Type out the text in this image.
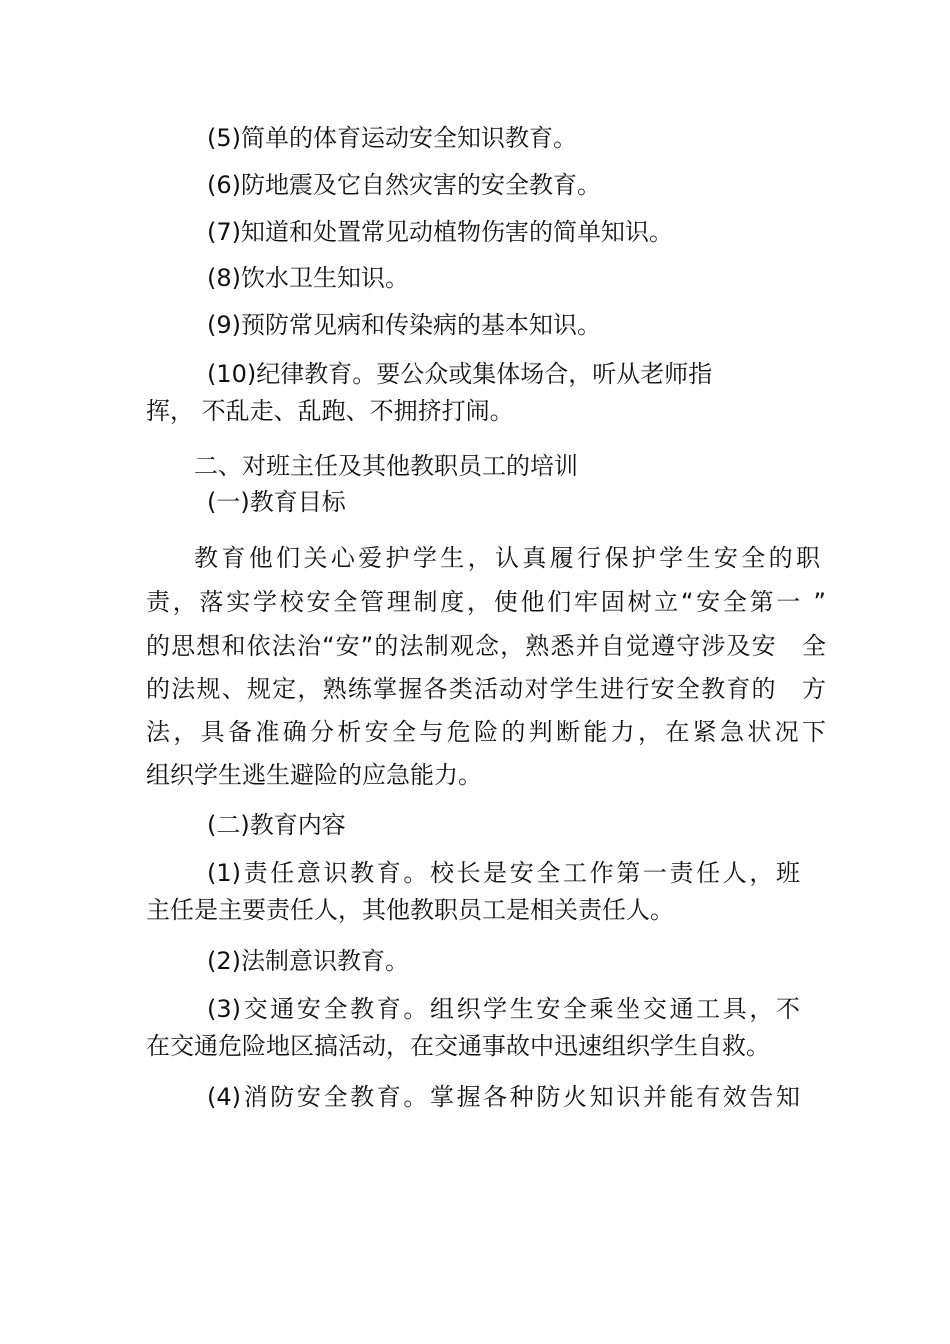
(5)简单的体育运动安全知识教育。

(6)防地震及它自然灾害的安全教育。

(7)知道和处置常见动植物伤害的简单知识。

(8)饮水卫生知识。

(9)预防常见病和传染病的基本知识。

(10)纪律教育。要公众或集体场合，听从老师指

挥， 不乱走、乱跑、不拥挤打闹。

二、对班主任及其他教职员工的培训

(一)教育目标

教育他们关心爱护学生，认真履行保护学生安全的职

责，落实学校安全管理制度，使他们牢固树立“安全第一 ”

的思想和依法治“安”的法制观念，熟悉并自觉遵守涉及安　全

的法规、规定，熟练掌握各类活动对学生进行安全教育的　方

法，具备准确分析安全与危险的判断能力，在紧急状况下

组织学生逃生避险的应急能力。

(二)教育内容

(1)责任意识教育。校长是安全工作第一责任人，班

主任是主要责任人，其他教职员工是相关责任人。

(2)法制意识教育。

(3)交通安全教育。组织学生安全乘坐交通工具，不

在交通危险地区搞活动，在交通事故中迅速组织学生自救。

(4)消防安全教育。掌握各种防火知识并能有效告知
